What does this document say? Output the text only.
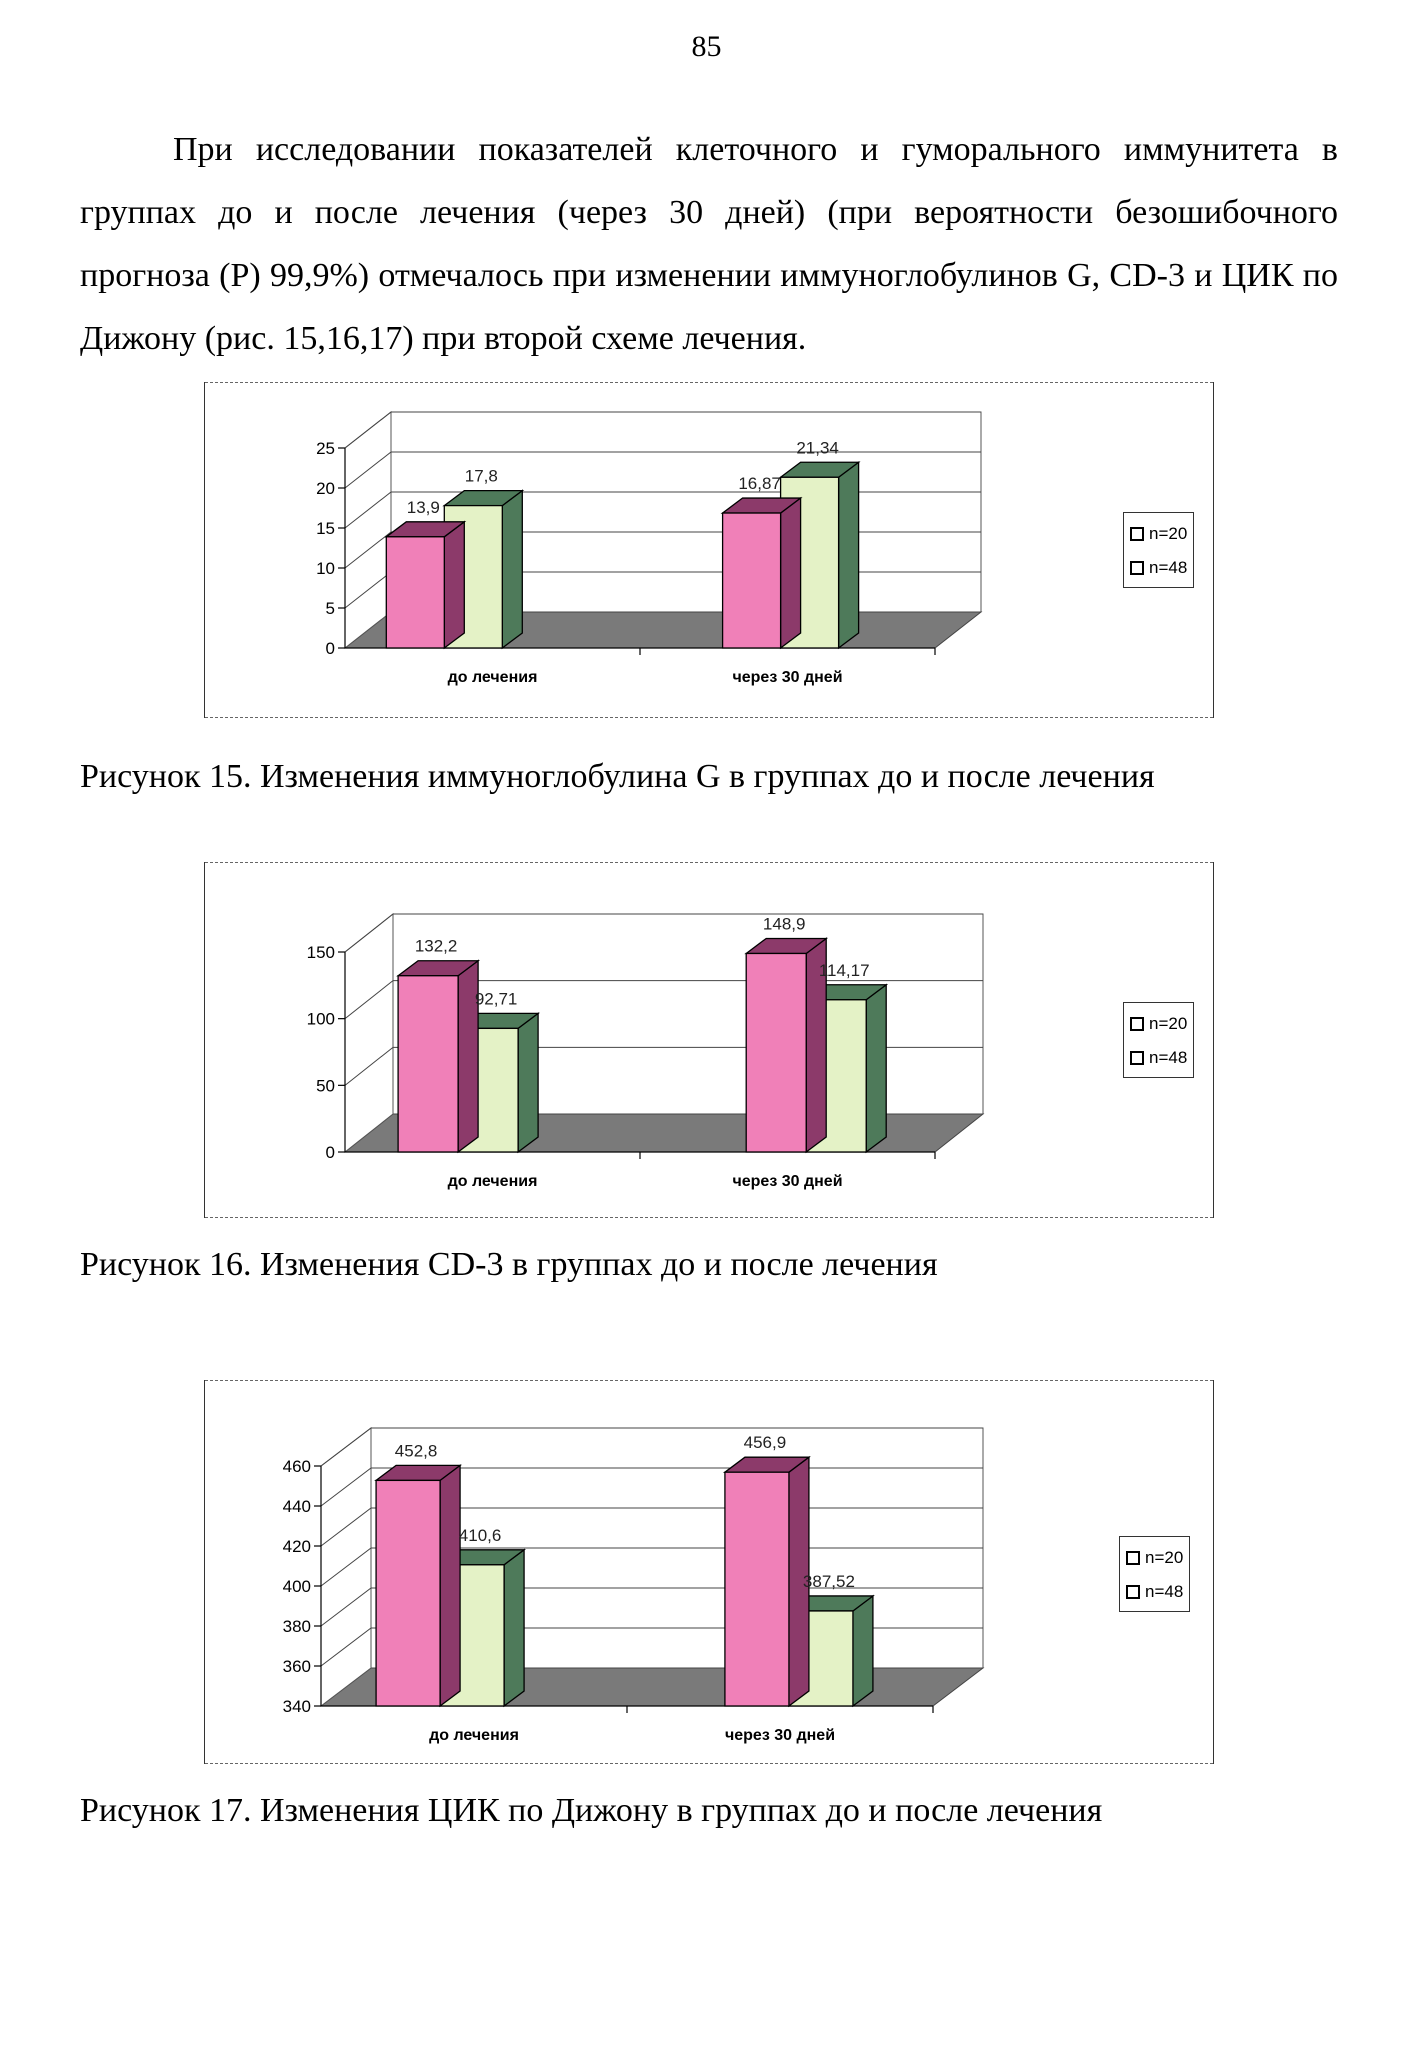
85

При исследовании показателей клеточного и гуморального иммунитета в группах до и после лечения (через 30 дней) (при вероятности безошибочного прогноза (Р) 99,9%) отмечалось при изменении иммуноглобулинов G, CD-3 и ЦИК по Дижону (рис. 15,16,17) при второй схеме лечения.

0
5
10
15
20
25
до лечения
13,9
17,8
через 30 дней
16,87
21,34
n=20
n=48

Рисунок 15. Изменения иммуноглобулина G в группах до и после лечения

0
50
100
150
до лечения
132,2
92,71
через 30 дней
148,9
114,17
n=20
n=48

Рисунок 16. Изменения CD-3 в группах до и после лечения

340
360
380
400
420
440
460
до лечения
452,8
410,6
через 30 дней
456,9
387,52
n=20
n=48

Рисунок 17. Изменения ЦИК по Дижону в группах до и после лечения
